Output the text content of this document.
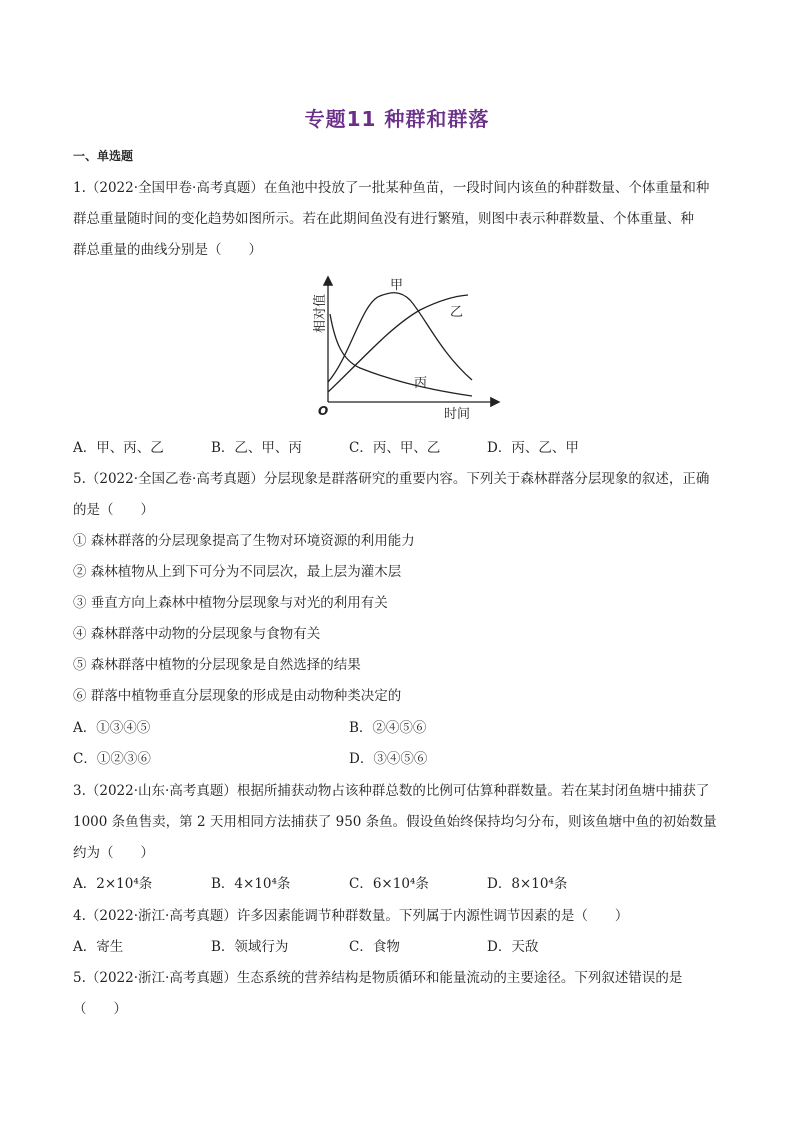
专题11 种群和群落
一、单选题
1.（2022·全国甲卷·高考真题）在鱼池中投放了一批某种鱼苗，一段时间内该鱼的种群数量、个体重量和种
群总重量随时间的变化趋势如图所示。若在此期间鱼没有进行繁殖，则图中表示种群数量、个体重量、种
群总重量的曲线分别是（　　）
相对值
O	时间
甲
乙
丙
A．甲、丙、乙	B．乙、甲、丙	C．丙、甲、乙	D．丙、乙、甲
5.（2022·全国乙卷·高考真题）分层现象是群落研究的重要内容。下列关于森林群落分层现象的叙述，正确
的是（　　）
① 森林群落的分层现象提高了生物对环境资源的利用能力
② 森林植物从上到下可分为不同层次，最上层为灌木层
③ 垂直方向上森林中植物分层现象与对光的利用有关
④ 森林群落中动物的分层现象与食物有关
⑤ 森林群落中植物的分层现象是自然选择的结果
⑥ 群落中植物垂直分层现象的形成是由动物种类决定的
A．①③④⑤	B．②④⑤⑥
C．①②③⑥	D．③④⑤⑥
3.（2022·山东·高考真题）根据所捕获动物占该种群总数的比例可估算种群数量。若在某封闭鱼塘中捕获了
1000 条鱼售卖，第 2 天用相同方法捕获了 950 条鱼。假设鱼始终保持均匀分布，则该鱼塘中鱼的初始数量
约为（　　）
A．2×10⁴条	B．4×10⁴条	C．6×10⁴条	D．8×10⁴条
4.（2022·浙江·高考真题）许多因素能调节种群数量。下列属于内源性调节因素的是（　　）
A．寄生	B．领域行为	C．食物	D．天敌
5.（2022·浙江·高考真题）生态系统的营养结构是物质循环和能量流动的主要途径。下列叙述错误的是
（　　）
